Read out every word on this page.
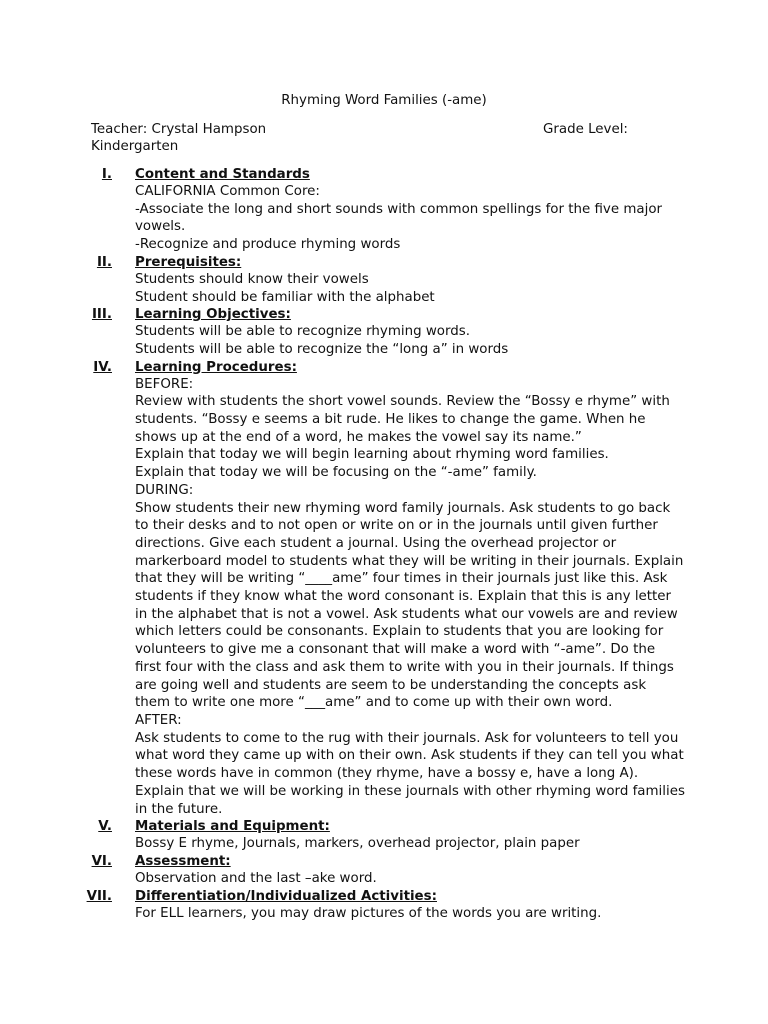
Rhyming Word Families (-ame)
Teacher: Crystal Hampson	Grade Level:
Kindergarten
I. Content and Standards
CALIFORNIA Common Core:
-Associate the long and short sounds with common spellings for the five major vowels.
-Recognize and produce rhyming words
II. Prerequisites:
Students should know their vowels
Student should be familiar with the alphabet
III. Learning Objectives:
Students will be able to recognize rhyming words.
Students will be able to recognize the “long a” in words
IV. Learning Procedures:
BEFORE:
Review with students the short vowel sounds. Review the “Bossy e rhyme” with students. “Bossy e seems a bit rude. He likes to change the game. When he shows up at the end of a word, he makes the vowel say its name.”
Explain that today we will begin learning about rhyming word families.
Explain that today we will be focusing on the “-ame” family.
DURING:
Show students their new rhyming word family journals. Ask students to go back to their desks and to not open or write on or in the journals until given further directions. Give each student a journal. Using the overhead projector or markerboard model to students what they will be writing in their journals. Explain that they will be writing “____ame” four times in their journals just like this. Ask students if they know what the word consonant is. Explain that this is any letter in the alphabet that is not a vowel. Ask students what our vowels are and review which letters could be consonants. Explain to students that you are looking for volunteers to give me a consonant that will make a word with “-ame”. Do the first four with the class and ask them to write with you in their journals. If things are going well and students are seem to be understanding the concepts ask them to write one more “___ame” and to come up with their own word.
AFTER:
Ask students to come to the rug with their journals. Ask for volunteers to tell you what word they came up with on their own. Ask students if they can tell you what these words have in common (they rhyme, have a bossy e, have a long A). Explain that we will be working in these journals with other rhyming word families in the future.
V. Materials and Equipment:
Bossy E rhyme, Journals, markers, overhead projector, plain paper
VI. Assessment:
Observation and the last –ake word.
VII. Differentiation/Individualized Activities:
For ELL learners, you may draw pictures of the words you are writing.
